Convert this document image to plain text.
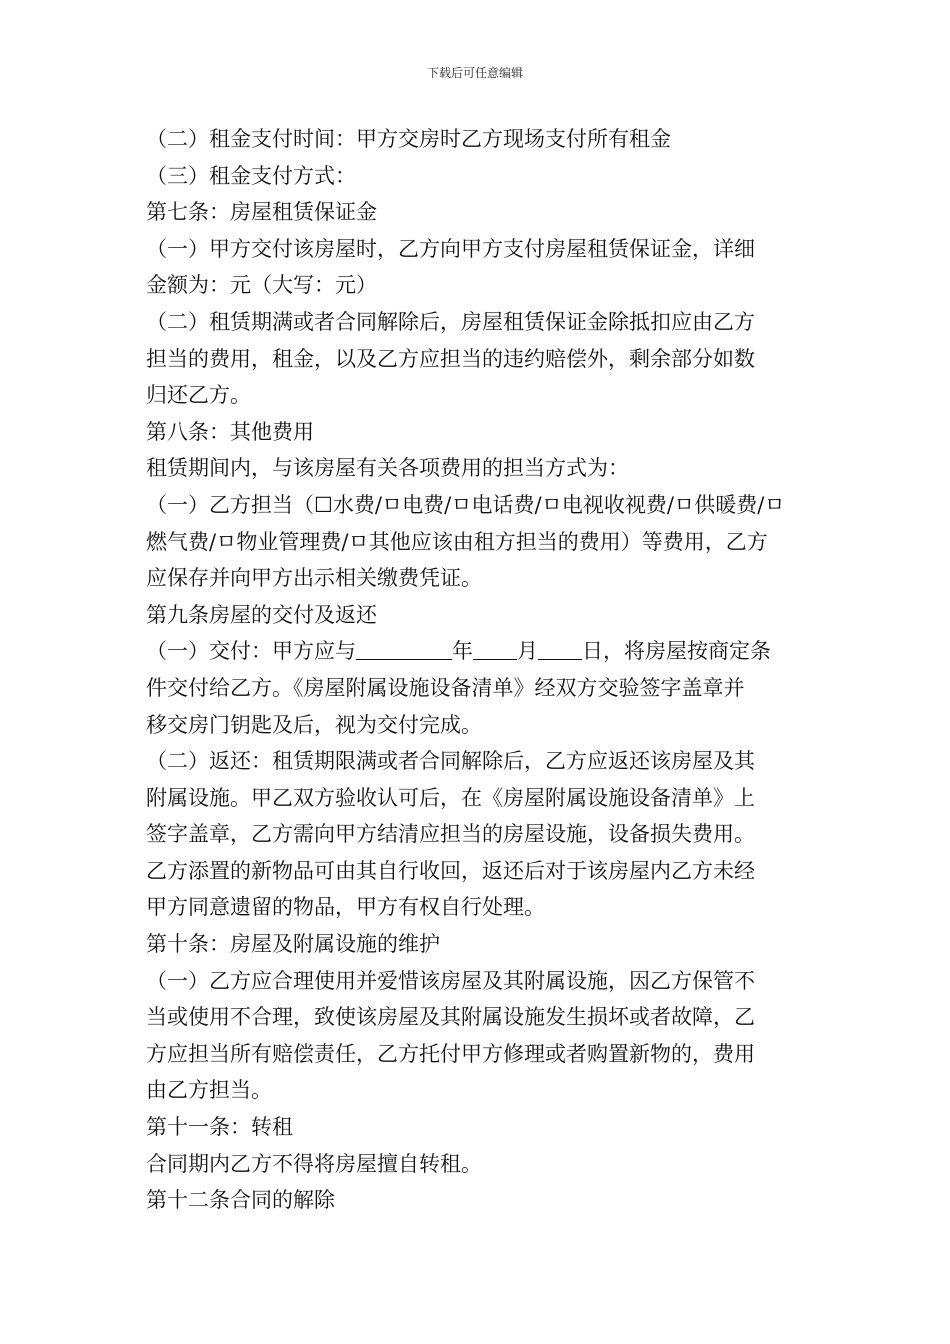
下载后可任意编辑
（二）租金支付时间：甲方交房时乙方现场支付所有租金
（三）租金支付方式：
第七条：房屋租赁保证金
（一）甲方交付该房屋时，乙方向甲方支付房屋租赁保证金，详细
金额为：元（大写：元）
（二）租赁期满或者合同解除后，房屋租赁保证金除抵扣应由乙方
担当的费用，租金，以及乙方应担当的违约赔偿外，剩余部分如数
归还乙方。
第八条：其他费用
租赁期间内，与该房屋有关各项费用的担当方式为：
（一）乙方担当（☐水费/ㅁ电费/ㅁ电话费/ㅁ电视收视费/ㅁ供暖费/ㅁ
燃气费/ㅁ物业管理费/ㅁ其他应该由租方担当的费用）等费用，乙方
应保存并向甲方出示相关缴费凭证。
第九条房屋的交付及返还
（一）交付：甲方应与	年 月 日，将房屋按商定条
件交付给乙方。《房屋附属设施设备清单》经双方交验签字盖章并
移交房门钥匙及后，视为交付完成。
（二）返还：租赁期限满或者合同解除后，乙方应返还该房屋及其
附属设施。甲乙双方验收认可后，在《房屋附属设施设备清单》上
签字盖章，乙方需向甲方结清应担当的房屋设施，设备损失费用。
乙方添置的新物品可由其自行收回，返还后对于该房屋内乙方未经
甲方同意遗留的物品，甲方有权自行处理。
第十条：房屋及附属设施的维护
（一）乙方应合理使用并爱惜该房屋及其附属设施，因乙方保管不
当或使用不合理，致使该房屋及其附属设施发生损坏或者故障，乙
方应担当所有赔偿责任，乙方托付甲方修理或者购置新物的，费用
由乙方担当。
第十一条：转租
合同期内乙方不得将房屋擅自转租。
第十二条合同的解除
